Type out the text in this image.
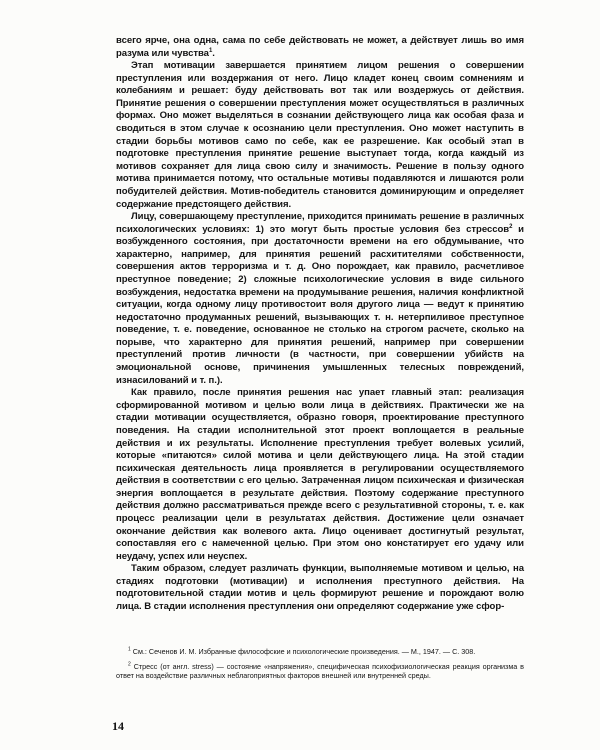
всего ярче, она одна, сама по себе действовать не может, а действует лишь во имя разума или чувства$^1$.

Этап мотивации завершается принятием лицом решения о совершении преступления или воздержания от него. Лицо кладет конец своим сомнениям и колебаниям и решает: буду действовать вот так или воздержусь от действия. Принятие решения о совершении преступления может осуществляться в различных формах. Оно может выделяться в сознании действующего лица как особая фаза и сводиться в этом случае к осознанию цели преступления. Оно может наступить в стадии борьбы мотивов само по себе, как ее разрешение. Как особый этап в подготовке преступления принятие решение выступает тогда, когда каждый из мотивов сохраняет для лица свою силу и значимость. Решение в пользу одного мотива принимается потому, что остальные мотивы подавляются и лишаются роли побудителей действия. Мотив-победитель становится доминирующим и определяет содержание предстоящего действия.

Лицу, совершающему преступление, приходится принимать решение в различных психологических условиях: 1) это могут быть простые условия без стрессов$^2$ и возбужденного состояния, при достаточности времени на его обдумывание, что характерно, например, для принятия решений расхитителями собственности, совершения актов терроризма и т. д. Оно порождает, как правило, расчетливое преступное поведение; 2) сложные психологические условия в виде сильного возбуждения, недостатка времени на продумывание решения, наличия конфликтной ситуации, когда одному лицу противостоит воля другого лица — ведут к принятию недостаточно продуманных решений, вызывающих т. н. нетерпиливое преступное поведение, т. е. поведение, основанное не столько на строгом расчете, сколько на порыве, что характерно для принятия решений, например при совершении преступлений против личности (в частности, при совершении убийств на эмоциональной основе, причинения умышленных телесных повреждений, изнасилований и т. п.).

Как правило, после принятия решения нас упает главный этап: реализация сформированной мотивом и целью воли лица в действиях. Практически же на стадии мотивации осуществляется, образно говоря, проектирование преступного поведения. На стадии исполнительной этот проект воплощается в реальные действия и их результаты. Исполнение преступления требует волевых усилий, которые «питаются» силой мотива и цели действующего лица. На этой стадии психическая деятельность лица проявляется в регулировании осуществляемого действия в соответствии с его целью. Затраченная лицом психическая и физическая энергия воплощается в результате действия. Поэтому содержание преступного действия должно рассматриваться прежде всего с результативной стороны, т. е. как процесс реализации цели в результатах действия. Достижение цели означает окончание действия как волевого акта. Лицо оценивает достигнутый результат, сопоставляя его с намеченной целью. При этом оно констатирует его удачу или неудачу, успех или неуспех.

Таким образом, следует различать функции, выполняемые мотивом и целью, на стадиях подготовки (мотивации) и исполнения преступного действия. На подготовительной стадии мотив и цель формируют решение и порождают волю лица. В стадии исполнения преступления они определяют содержание уже сфор-

$^1$ См.: Сеченов И. М. Избранные философские и психологические произведения. — М., 1947. — С. 308.

$^2$ Стресс (от англ. stress) — состояние «напряжения», специфическая психофизиологическая реакция организма в ответ на воздействие различных неблагоприятных факторов внешней или внутренней среды.

14
